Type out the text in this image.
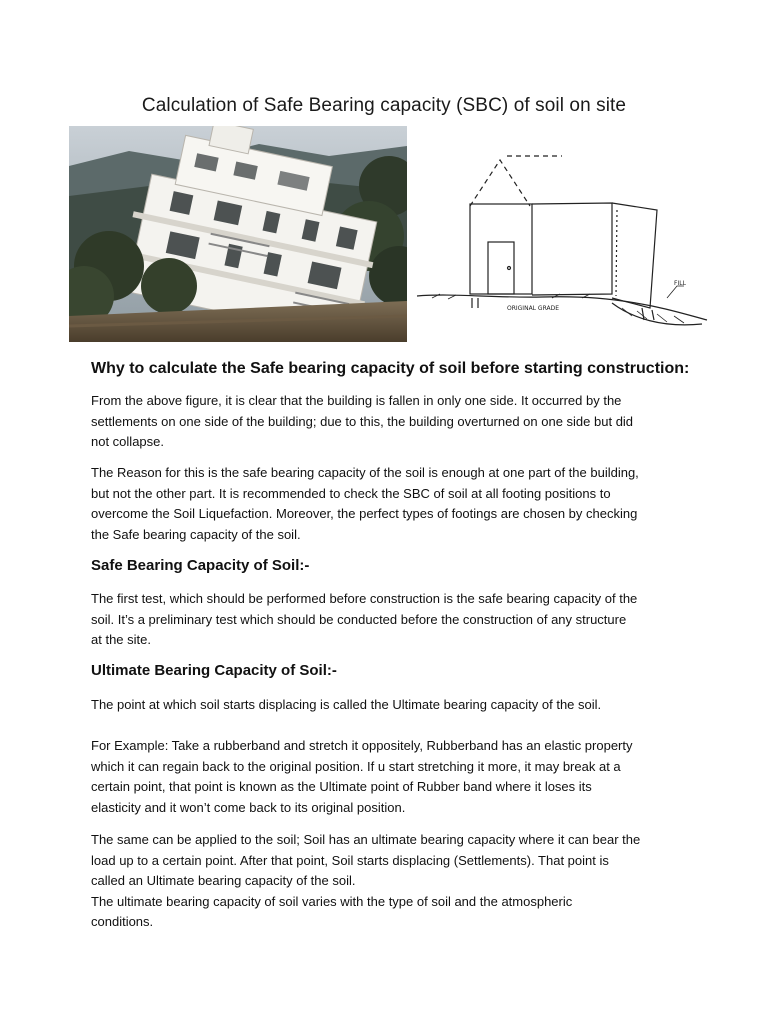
Calculation of Safe Bearing capacity (SBC) of soil on site
ORIGINAL GRADE
FILL
Why to calculate the Safe bearing capacity of soil before starting construction:
From the above figure, it is clear that the building is fallen in only one side. It occurred by the
settlements on one side of the building; due to this, the building overturned on one side but did
not collapse.
The Reason for this is the safe bearing capacity of the soil is enough at one part of the building,
but not the other part. It is recommended to check the SBC of soil at all footing positions to
overcome the Soil Liquefaction. Moreover, the perfect types of footings are chosen by checking
the Safe bearing capacity of the soil.
Safe Bearing Capacity of Soil:-
The first test, which should be performed before construction is the safe bearing capacity of the
soil. It’s a preliminary test which should be conducted before the construction of any structure
at the site.
Ultimate Bearing Capacity of Soil:-
The point at which soil starts displacing is called the Ultimate bearing capacity of the soil.
For Example: Take a rubberband and stretch it oppositely, Rubberband has an elastic property
which it can regain back to the original position. If u start stretching it more, it may break at a
certain point, that point is known as the Ultimate point of Rubber band where it loses its
elasticity and it won’t come back to its original position.
The same can be applied to the soil; Soil has an ultimate bearing capacity where it can bear the
load up to a certain point. After that point, Soil starts displacing (Settlements). That point is
called an Ultimate bearing capacity of the soil.
The ultimate bearing capacity of soil varies with the type of soil and the atmospheric
conditions.
